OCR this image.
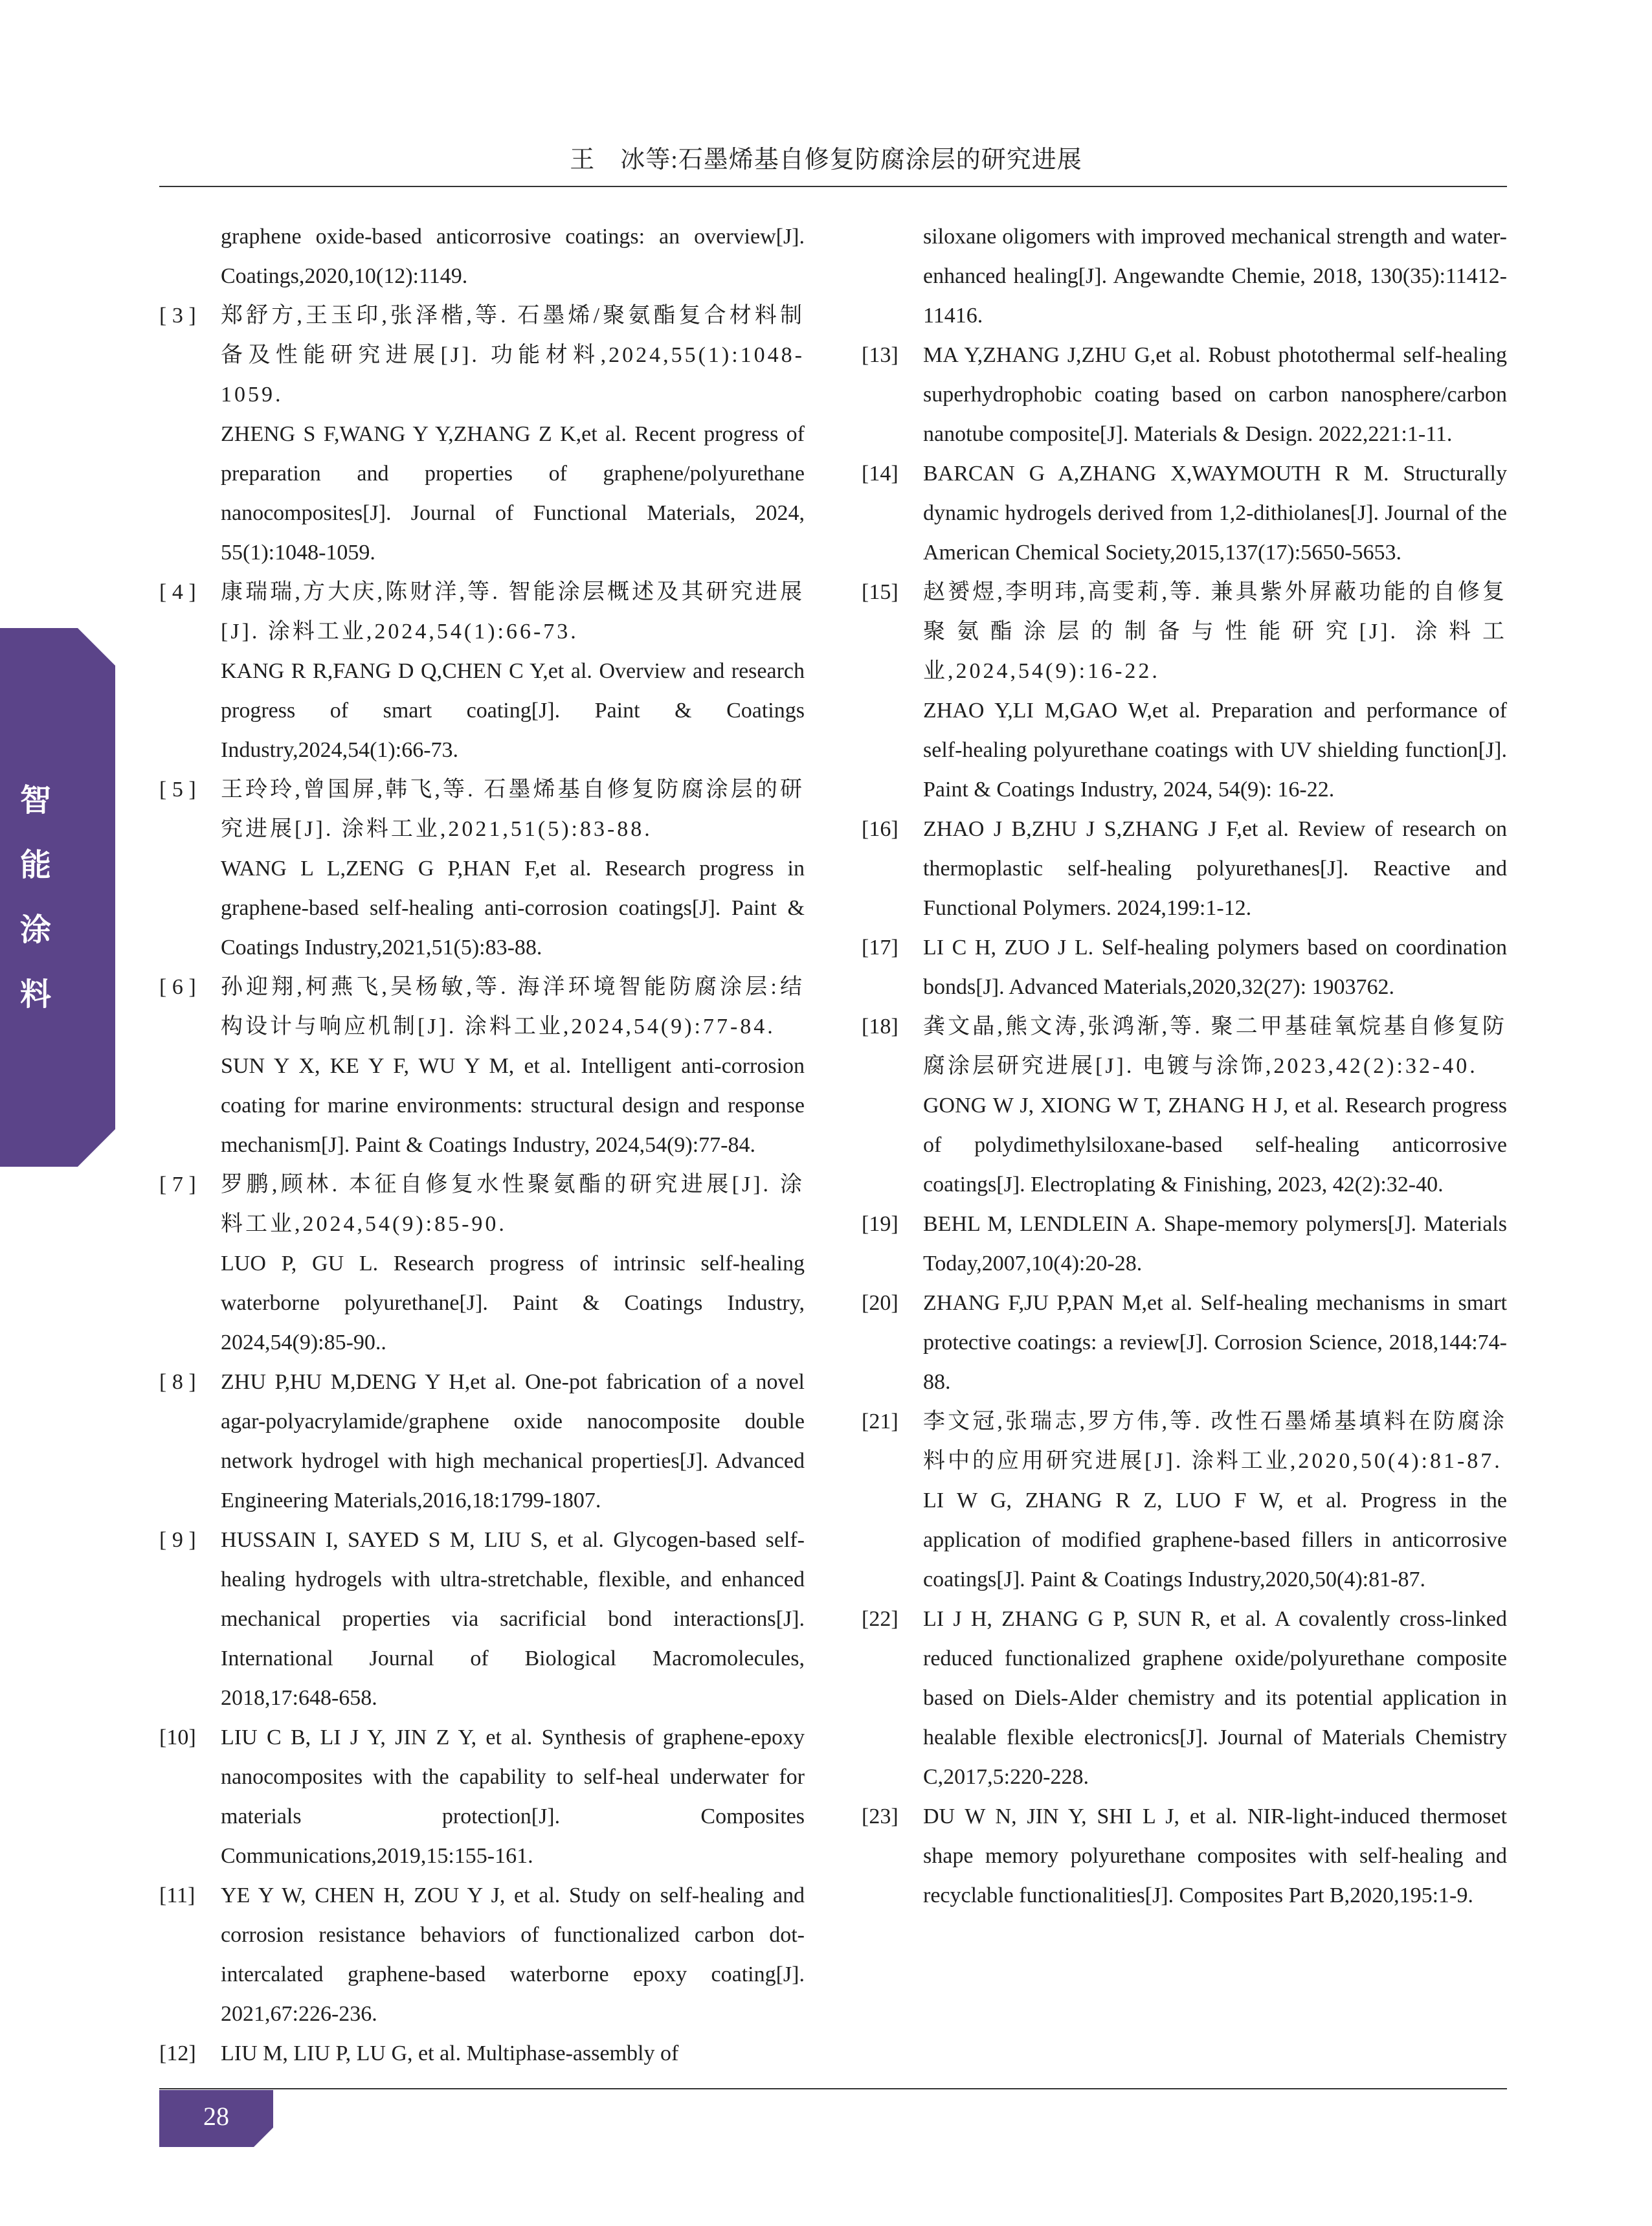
王　冰等:石墨烯基自修复防腐涂层的研究进展
智
能
涂
料
graphene oxide-based anticorrosive coatings: an overview[J]. Coatings,2020,10(12):1149.
[ 3 ]	郑舒方,王玉印,张泽楷,等. 石墨烯/聚氨酯复合材料制备及性能研究进展[J]. 功能材料,2024,55(1):1048-1059.
ZHENG S F,WANG Y Y,ZHANG Z K,et al. Recent progress of preparation and properties of graphene/polyurethane nanocomposites[J]. Journal of Functional Materials, 2024, 55(1):1048-1059.
[ 4 ]	康瑞瑞,方大庆,陈财洋,等. 智能涂层概述及其研究进展[J]. 涂料工业,2024,54(1):66-73.
KANG R R,FANG D Q,CHEN C Y,et al. Overview and research progress of smart coating[J]. Paint & Coatings Industry,2024,54(1):66-73.
[ 5 ]	王玲玲,曾国屏,韩飞,等. 石墨烯基自修复防腐涂层的研究进展[J]. 涂料工业,2021,51(5):83-88.
WANG L L,ZENG G P,HAN F,et al. Research progress in graphene-based self-healing anti-corrosion coatings[J]. Paint & Coatings Industry,2021,51(5):83-88.
[ 6 ]	孙迎翔,柯燕飞,吴杨敏,等. 海洋环境智能防腐涂层:结构设计与响应机制[J]. 涂料工业,2024,54(9):77-84.
SUN Y X, KE Y F, WU Y M, et al. Intelligent anti-corrosion coating for marine environments: structural design and response mechanism[J]. Paint & Coatings Industry, 2024,54(9):77-84.
[ 7 ]	罗鹏,顾林. 本征自修复水性聚氨酯的研究进展[J]. 涂料工业,2024,54(9):85-90.
LUO P, GU L. Research progress of intrinsic self-healing waterborne polyurethane[J]. Paint & Coatings Industry, 2024,54(9):85-90..
[ 8 ]	ZHU P,HU M,DENG Y H,et al. One-pot fabrication of a novel agar-polyacrylamide/graphene oxide nanocomposite double network hydrogel with high mechanical properties[J]. Advanced Engineering Materials,2016,18:1799-1807.
[ 9 ]	HUSSAIN I, SAYED S M, LIU S, et al. Glycogen-based self-healing hydrogels with ultra-stretchable, flexible, and enhanced mechanical properties via sacrificial bond interactions[J]. International Journal of Biological Macromolecules, 2018,17:648-658.
[10]	LIU C B, LI J Y, JIN Z Y, et al. Synthesis of graphene-epoxy nanocomposites with the capability to self-heal underwater for materials protection[J]. Composites Communications,2019,15:155-161.
[11]	YE Y W, CHEN H, ZOU Y J, et al. Study on self-healing and corrosion resistance behaviors of functionalized carbon dot-intercalated graphene-based waterborne epoxy coating[J]. 2021,67:226-236.
[12]	LIU M, LIU P, LU G, et al. Multiphase-assembly of
siloxane oligomers with improved mechanical strength and water-enhanced healing[J]. Angewandte Chemie, 2018, 130(35):11412-11416.
[13]	MA Y,ZHANG J,ZHU G,et al. Robust photothermal self-healing superhydrophobic coating based on carbon nanosphere/carbon nanotube composite[J]. Materials & Design. 2022,221:1-11.
[14]	BARCAN G A,ZHANG X,WAYMOUTH R M. Structurally dynamic hydrogels derived from 1,2-dithiolanes[J]. Journal of the American Chemical Society,2015,137(17):5650-5653.
[15]	赵赟煜,李明玮,高雯莉,等. 兼具紫外屏蔽功能的自修复聚氨酯涂层的制备与性能研究[J]. 涂料工业,2024,54(9):16-22.
ZHAO Y,LI M,GAO W,et al. Preparation and performance of self-healing polyurethane coatings with UV shielding function[J]. Paint & Coatings Industry, 2024, 54(9): 16-22.
[16]	ZHAO J B,ZHU J S,ZHANG J F,et al. Review of research on thermoplastic self-healing polyurethanes[J]. Reactive and Functional Polymers. 2024,199:1-12.
[17]	LI C H, ZUO J L. Self-healing polymers based on coordination bonds[J]. Advanced Materials,2020,32(27): 1903762.
[18]	龚文晶,熊文涛,张鸿渐,等. 聚二甲基硅氧烷基自修复防腐涂层研究进展[J]. 电镀与涂饰,2023,42(2):32-40.
GONG W J, XIONG W T, ZHANG H J, et al. Research progress of polydimethylsiloxane-based self-healing anticorrosive coatings[J]. Electroplating & Finishing, 2023, 42(2):32-40.
[19]	BEHL M, LENDLEIN A. Shape-memory polymers[J]. Materials Today,2007,10(4):20-28.
[20]	ZHANG F,JU P,PAN M,et al. Self-healing mechanisms in smart protective coatings: a review[J]. Corrosion Science, 2018,144:74-88.
[21]	李文冠,张瑞志,罗方伟,等. 改性石墨烯基填料在防腐涂料中的应用研究进展[J]. 涂料工业,2020,50(4):81-87.
LI W G, ZHANG R Z, LUO F W, et al. Progress in the application of modified graphene-based fillers in anticorrosive coatings[J]. Paint & Coatings Industry,2020,50(4):81-87.
[22]	LI J H, ZHANG G P, SUN R, et al. A covalently cross-linked reduced functionalized graphene oxide/polyurethane composite based on Diels-Alder chemistry and its potential application in healable flexible electronics[J]. Journal of Materials Chemistry C,2017,5:220-228.
[23]	DU W N, JIN Y, SHI L J, et al. NIR-light-induced thermoset shape memory polyurethane composites with self-healing and recyclable functionalities[J]. Composites Part B,2020,195:1-9.
28
